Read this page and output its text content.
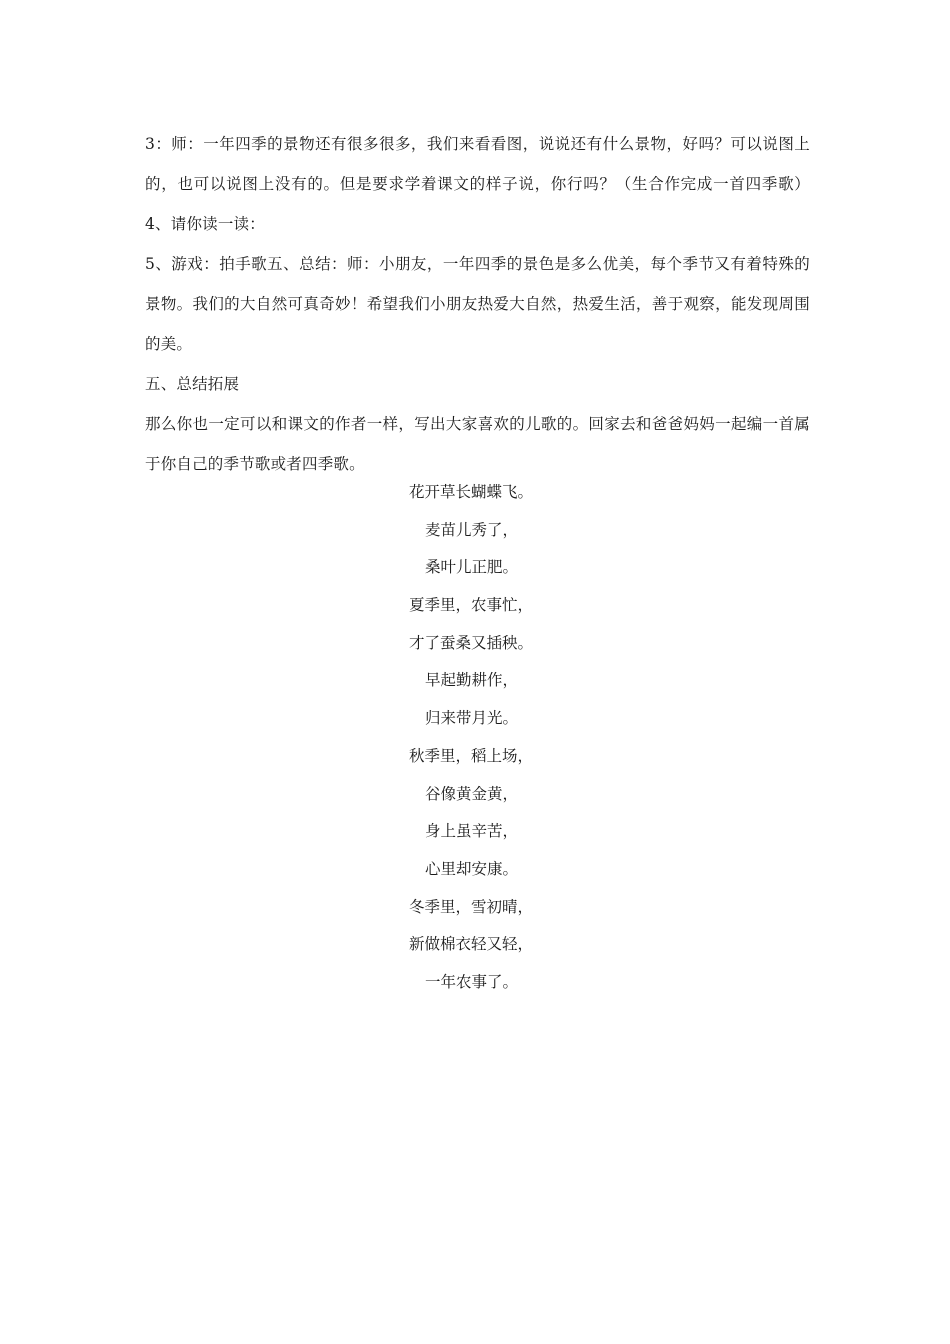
3：师：一年四季的景物还有很多很多，我们来看看图，说说还有什么景物，好吗？可以说图上的，也可以说图上没有的。但是要求学着课文的样子说，你行吗？（生合作完成一首四季歌）4、请你读一读：

5、游戏：拍手歌五、总结：师：小朋友，一年四季的景色是多么优美，每个季节又有着特殊的景物。我们的大自然可真奇妙！希望我们小朋友热爱大自然，热爱生活，善于观察，能发现周围的美。

五、总结拓展

那么你也一定可以和课文的作者一样，写出大家喜欢的儿歌的。回家去和爸爸妈妈一起编一首属于你自己的季节歌或者四季歌。

花开草长蝴蝶飞。
麦苗儿秀了，
桑叶儿正肥。
夏季里，农事忙，
才了蚕桑又插秧。
早起勤耕作，
归来带月光。
秋季里，稻上场，
谷像黄金黄，
身上虽辛苦，
心里却安康。
冬季里，雪初晴，
新做棉衣轻又轻，
一年农事了。
